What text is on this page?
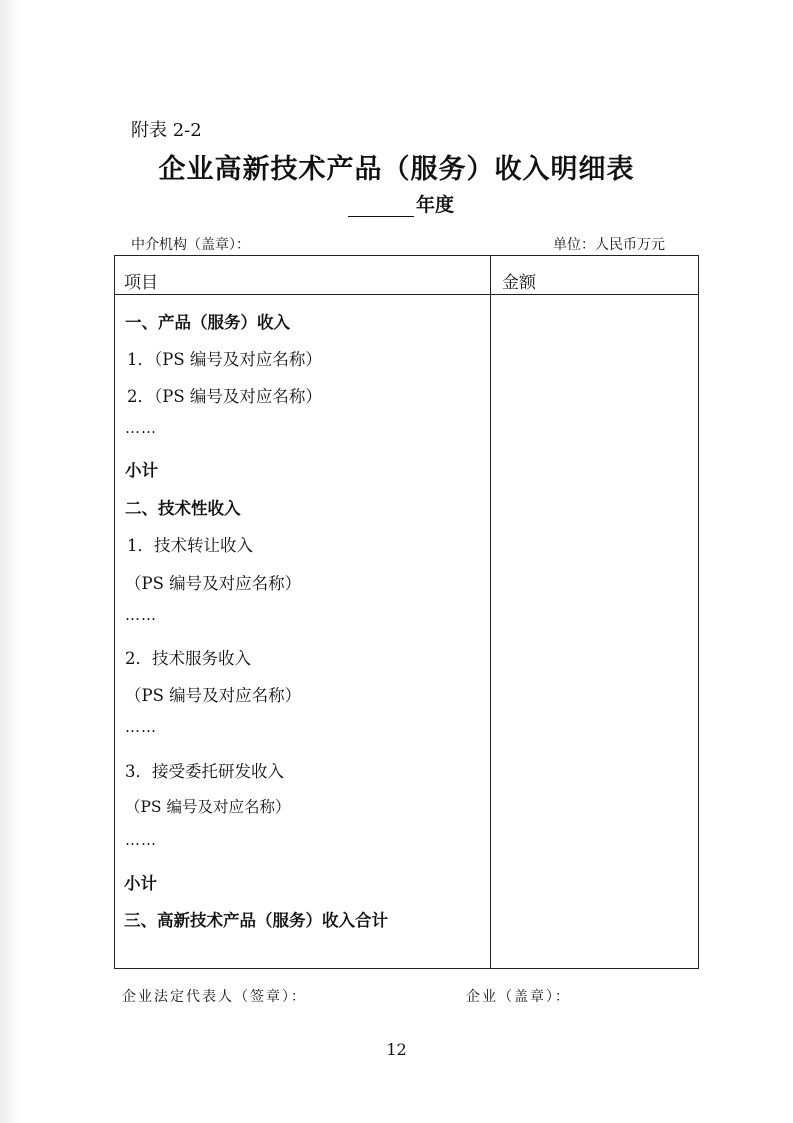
附表 2-2
企业高新技术产品（服务）收入明细表
年度
中介机构（盖章）：	单位：人民币万元
项目	金额
一、产品（服务）收入
1．（PS 编号及对应名称）
2．（PS 编号及对应名称）
……
小计
二、技术性收入
1．技术转让收入
（PS 编号及对应名称）
……
2．技术服务收入
（PS 编号及对应名称）
……
3．接受委托研发收入
（PS 编号及对应名称）
……
小计
三、高新技术产品（服务）收入合计
企业法定代表人（签章）：	企业（盖章）：
12
